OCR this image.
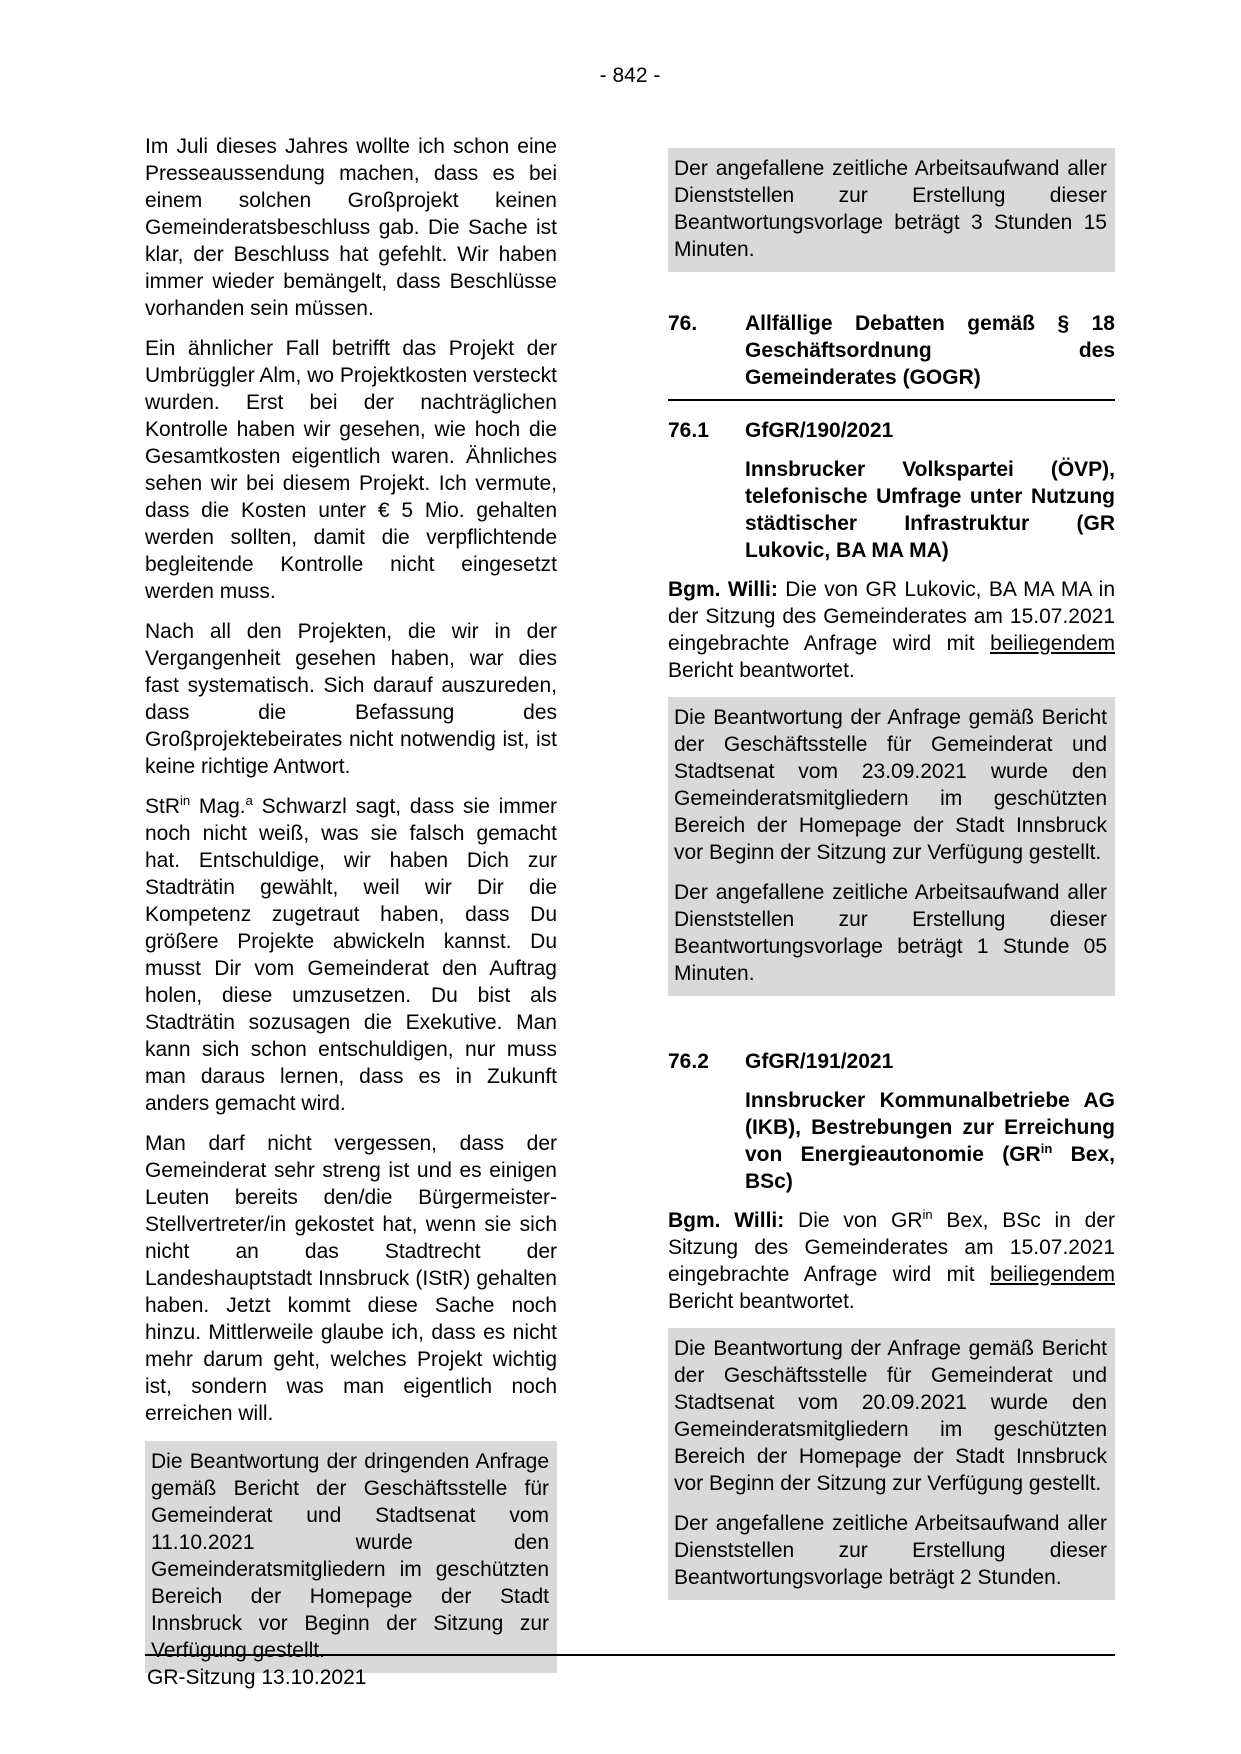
- 842 -

Im Juli dieses Jahres wollte ich schon eine Presseaussendung machen, dass es bei einem solchen Großprojekt keinen Gemeinderatsbeschluss gab. Die Sache ist klar, der Beschluss hat gefehlt. Wir haben immer wieder bemängelt, dass Beschlüsse vorhanden sein müssen.

Ein ähnlicher Fall betrifft das Projekt der Umbrüggler Alm, wo Projektkosten versteckt wurden. Erst bei der nachträglichen Kontrolle haben wir gesehen, wie hoch die Gesamtkosten eigentlich waren. Ähnliches sehen wir bei diesem Projekt. Ich vermute, dass die Kosten unter € 5 Mio. gehalten werden sollten, damit die verpflichtende begleitende Kontrolle nicht eingesetzt werden muss.

Nach all den Projekten, die wir in der Vergangenheit gesehen haben, war dies fast systematisch. Sich darauf auszureden, dass die Befassung des Großprojektebeirates nicht notwendig ist, ist keine richtige Antwort.

StR$^{in}$ Mag.$^a$ Schwarzl sagt, dass sie immer noch nicht weiß, was sie falsch gemacht hat. Entschuldige, wir haben Dich zur Stadträtin gewählt, weil wir Dir die Kompetenz zugetraut haben, dass Du größere Projekte abwickeln kannst. Du musst Dir vom Gemeinderat den Auftrag holen, diese umzusetzen. Du bist als Stadträtin sozusagen die Exekutive. Man kann sich schon entschuldigen, nur muss man daraus lernen, dass es in Zukunft anders gemacht wird.

Man darf nicht vergessen, dass der Gemeinderat sehr streng ist und es einigen Leuten bereits den/die Bürgermeister-Stellvertreter/in gekostet hat, wenn sie sich nicht an das Stadtrecht der Landeshauptstadt Innsbruck (IStR) gehalten haben. Jetzt kommt diese Sache noch hinzu. Mittlerweile glaube ich, dass es nicht mehr darum geht, welches Projekt wichtig ist, sondern was man eigentlich noch erreichen will.

Die Beantwortung der dringenden Anfrage gemäß Bericht der Geschäftsstelle für Gemeinderat und Stadtsenat vom 11.10.2021 wurde den Gemeinderatsmitgliedern im geschützten Bereich der Homepage der Stadt Innsbruck vor Beginn der Sitzung zur Verfügung gestellt.

Der angefallene zeitliche Arbeitsaufwand aller Dienststellen zur Erstellung dieser Beantwortungsvorlage beträgt 3 Stunden 15 Minuten.

76.	Allfällige Debatten gemäß § 18 Geschäftsordnung des Gemeinderates (GOGR)
76.1	GfGR/190/2021
Innsbrucker Volkspartei (ÖVP), telefonische Umfrage unter Nutzung städtischer Infrastruktur (GR Lukovic, BA MA MA)

Bgm. Willi: Die von GR Lukovic, BA MA MA in der Sitzung des Gemeinderates am 15.07.2021 eingebrachte Anfrage wird mit beiliegendem Bericht beantwortet.

Die Beantwortung der Anfrage gemäß Bericht der Geschäftsstelle für Gemeinderat und Stadtsenat vom 23.09.2021 wurde den Gemeinderatsmitgliedern im geschützten Bereich der Homepage der Stadt Innsbruck vor Beginn der Sitzung zur Verfügung gestellt.

Der angefallene zeitliche Arbeitsaufwand aller Dienststellen zur Erstellung dieser Beantwortungsvorlage beträgt 1 Stunde 05 Minuten.

76.2	GfGR/191/2021
Innsbrucker Kommunalbetriebe AG (IKB), Bestrebungen zur Erreichung von Energieautonomie ($GR^{in}$ Bex, BSc)

Bgm. Willi: Die von $GR^{in}$ Bex, BSc in der Sitzung des Gemeinderates am 15.07.2021 eingebrachte Anfrage wird mit beiliegendem Bericht beantwortet.

Die Beantwortung der Anfrage gemäß Bericht der Geschäftsstelle für Gemeinderat und Stadtsenat vom 20.09.2021 wurde den Gemeinderatsmitgliedern im geschützten Bereich der Homepage der Stadt Innsbruck vor Beginn der Sitzung zur Verfügung gestellt.

Der angefallene zeitliche Arbeitsaufwand aller Dienststellen zur Erstellung dieser Beantwortungsvorlage beträgt 2 Stunden.

GR-Sitzung 13.10.2021
